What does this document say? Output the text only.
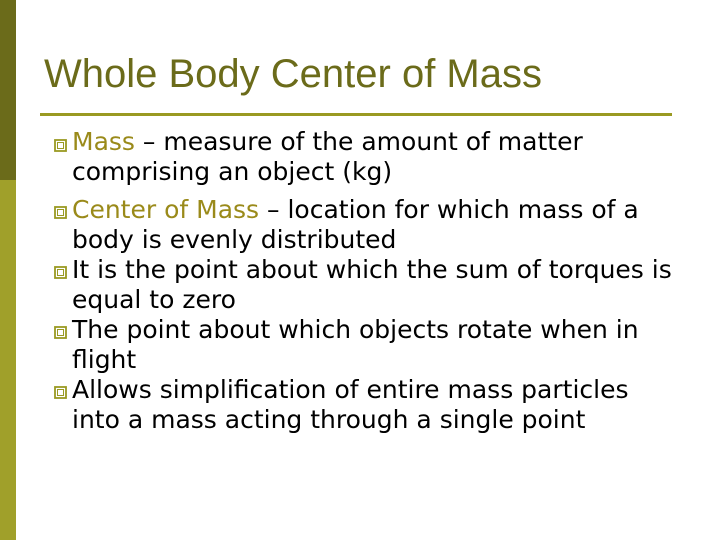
Whole Body Center of Mass
Mass – measure of the amount of matter comprising an object (kg)
Center of Mass – location for which mass of a body is evenly distributed
It is the point about which the sum of torques is equal to zero
The point about which objects rotate when in flight
Allows simplification of entire mass particles into a mass acting through a single point
